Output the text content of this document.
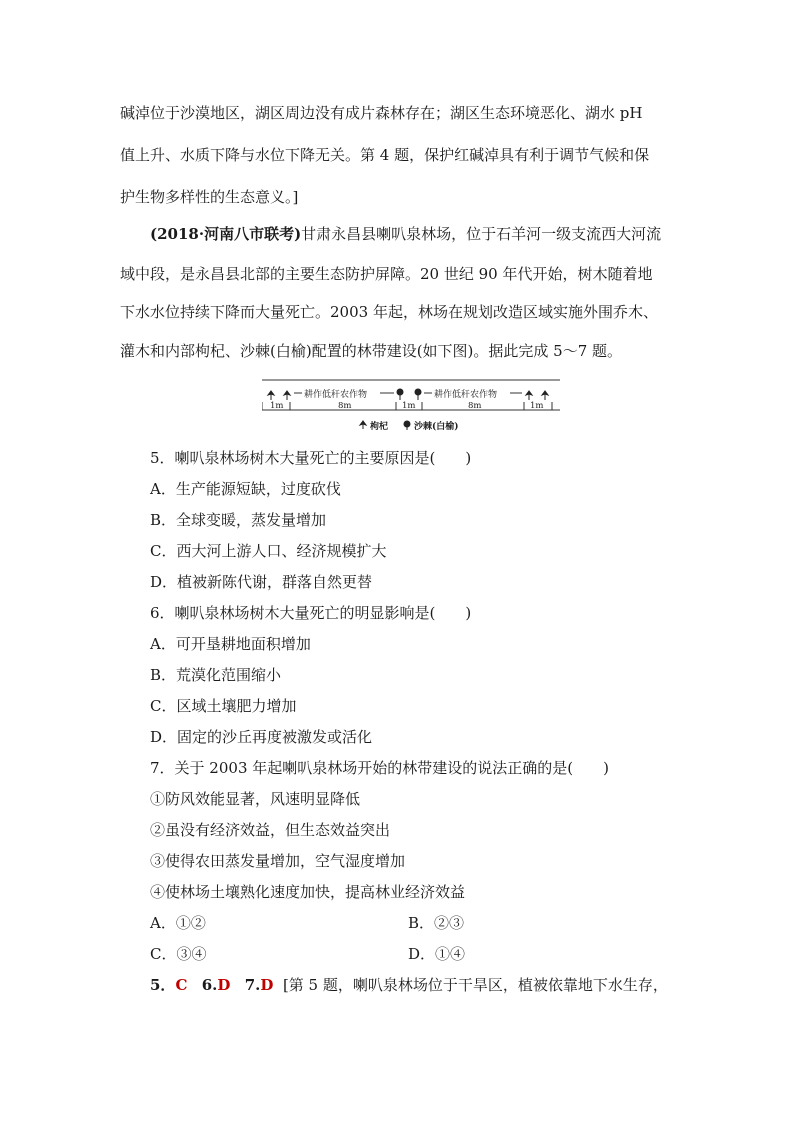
碱淖位于沙漠地区，湖区周边没有成片森林存在；湖区生态环境恶化、湖水 pH
值上升、水质下降与水位下降无关。第 4 题，保护红碱淖具有利于调节气候和保
护生物多样性的生态意义。]
(2018·河南八市联考)甘肃永昌县喇叭泉林场，位于石羊河一级支流西大河流
域中段，是永昌县北部的主要生态防护屏障。20 世纪 90 年代开始，树木随着地
下水水位持续下降而大量死亡。2003 年起，林场在规划改造区域实施外围乔木、
灌木和内部枸杞、沙棘(白榆)配置的林带建设(如下图)。据此完成 5～7 题。
耕作低秆农作物	耕作低秆农作物
1m	8m	1m	8m	1m
枸杞	沙棘(白榆)
5．喇叭泉林场树木大量死亡的主要原因是(　　)
A．生产能源短缺，过度砍伐
B．全球变暖，蒸发量增加
C．西大河上游人口、经济规模扩大
D．植被新陈代谢，群落自然更替
6．喇叭泉林场树木大量死亡的明显影响是(　　)
A．可开垦耕地面积增加
B．荒漠化范围缩小
C．区域土壤肥力增加
D．固定的沙丘再度被激发或活化
7．关于 2003 年起喇叭泉林场开始的林带建设的说法正确的是(　　)
①防风效能显著，风速明显降低
②虽没有经济效益，但生态效益突出
③使得农田蒸发量增加，空气湿度增加
④使林场土壤熟化速度加快，提高林业经济效益
A．①②	B．②③
C．③④	D．①④
5．C 6.D 7.D [第 5 题，喇叭泉林场位于干旱区，植被依靠地下水生存，
